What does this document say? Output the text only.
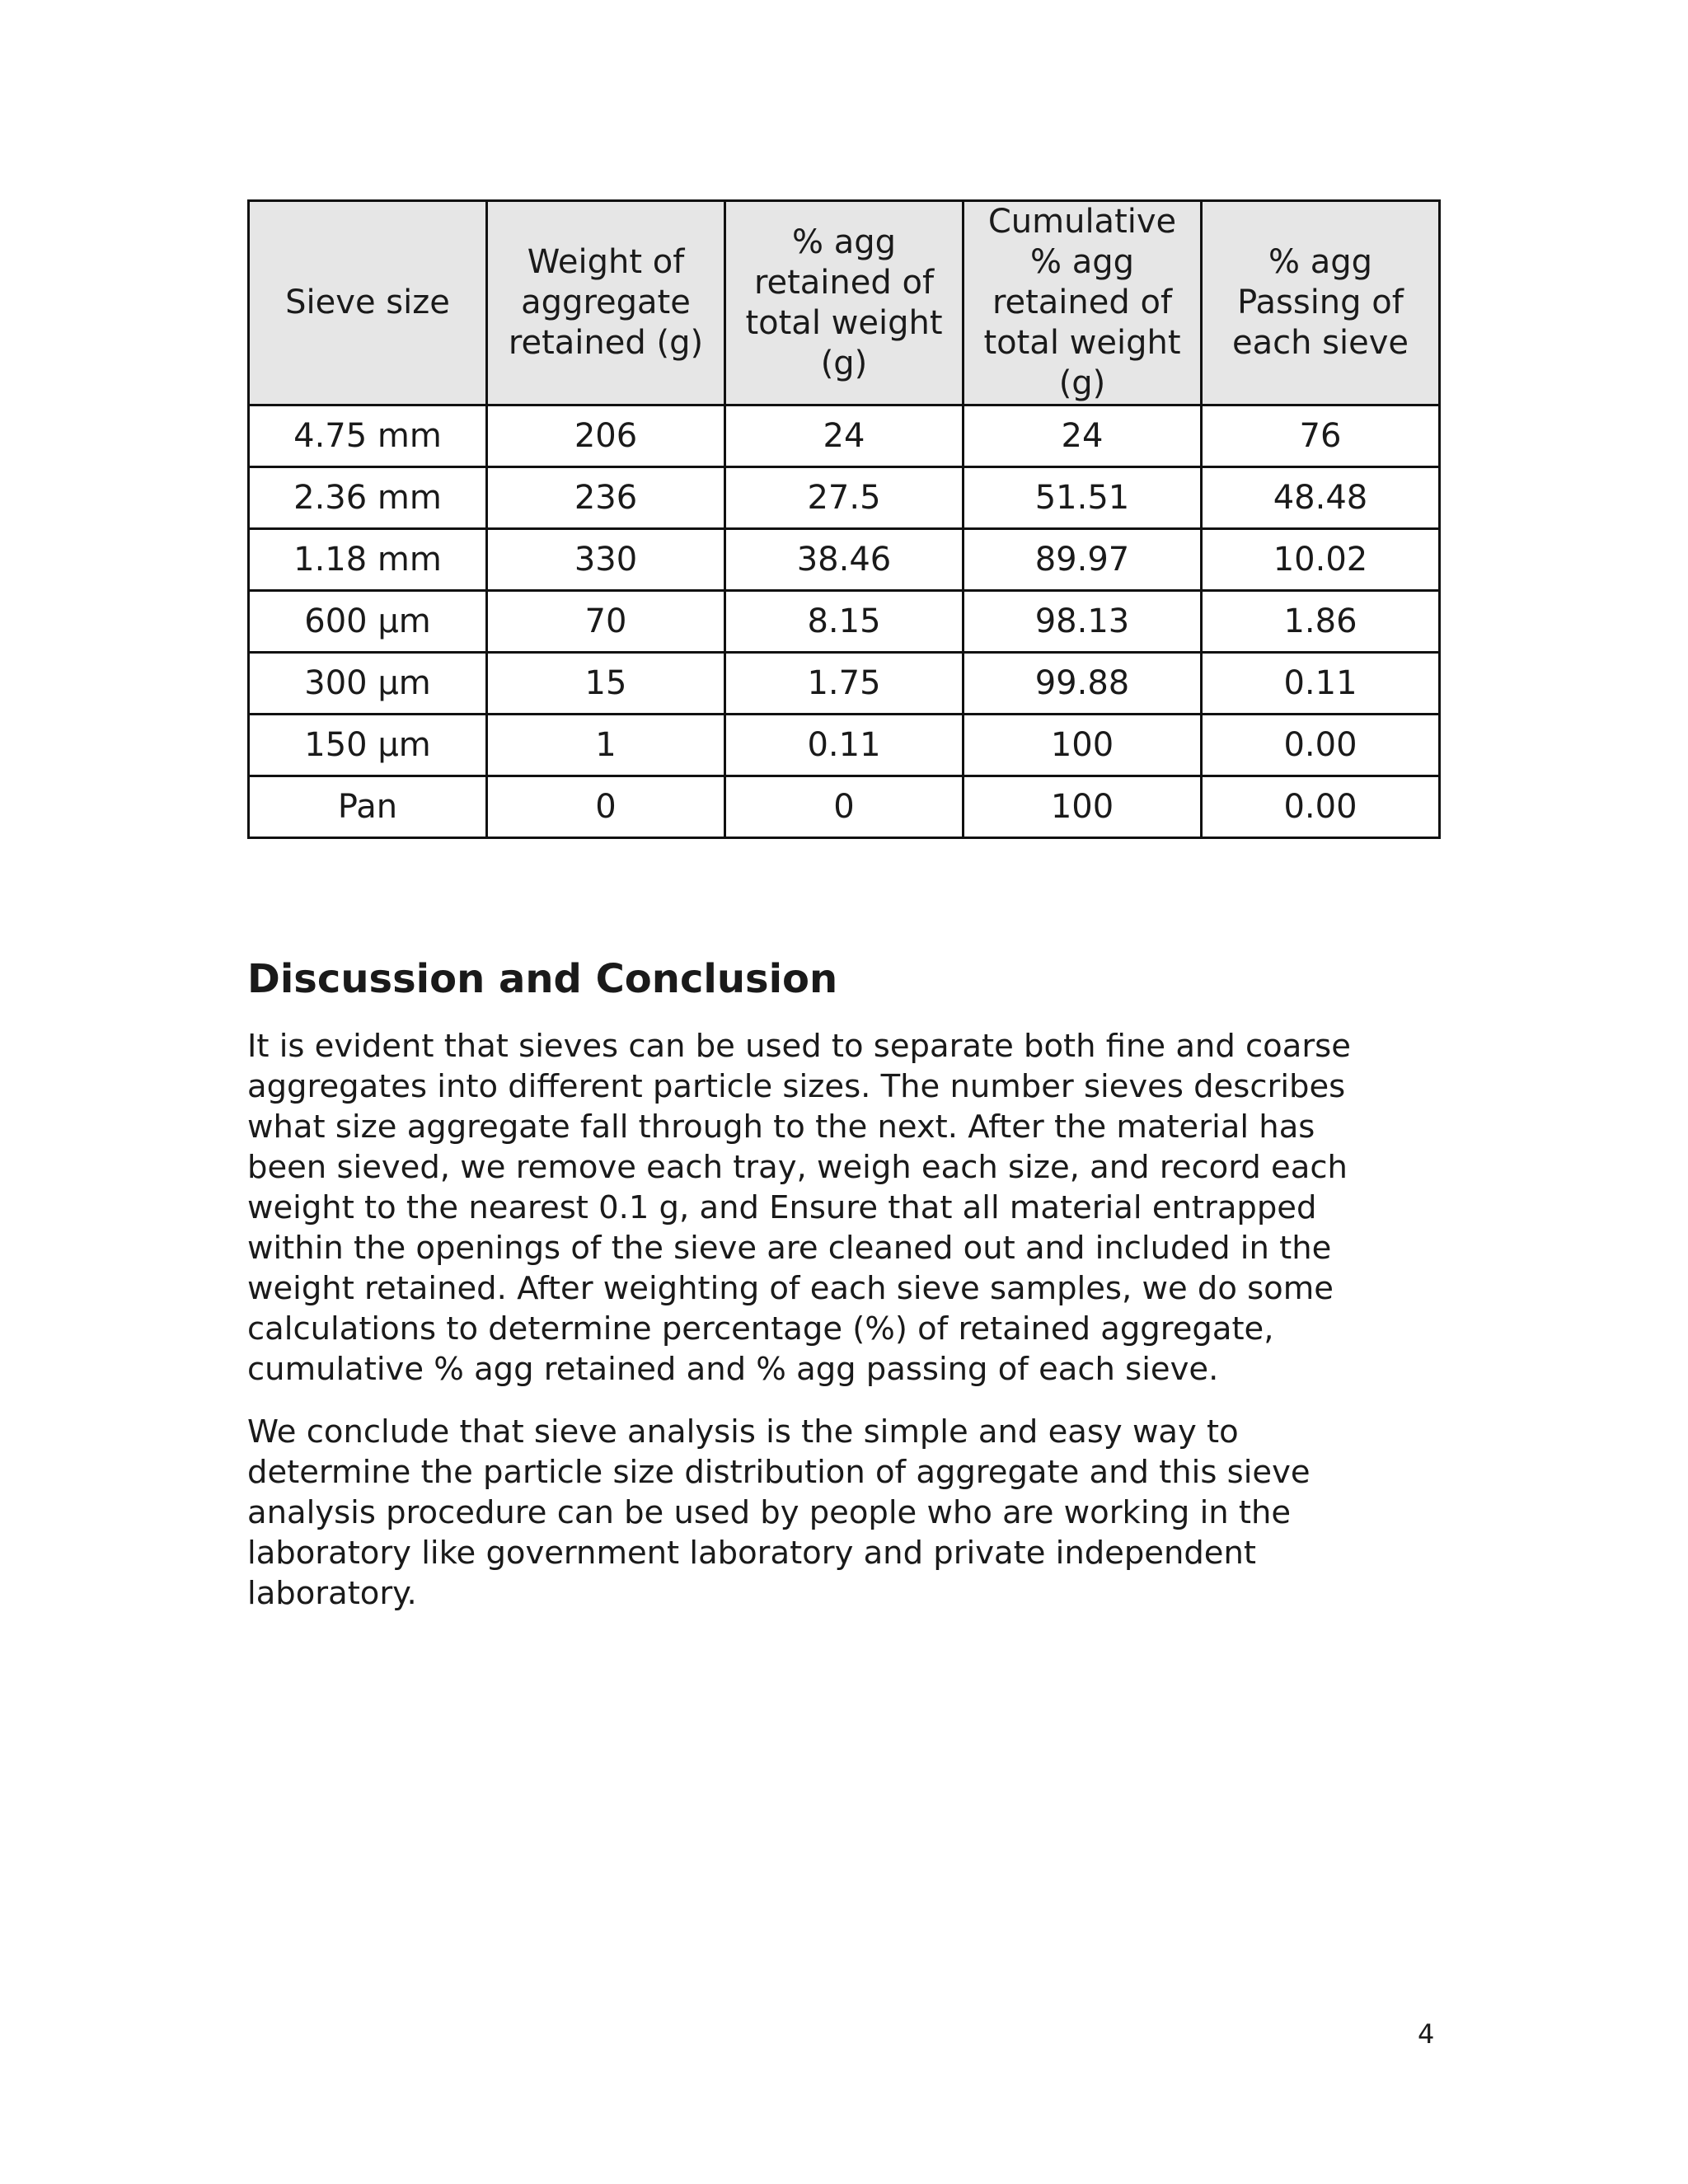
Sieve size	Weight of aggregate retained (g)	% agg retained of total weight (g)	Cumulative % agg retained of total weight (g)	% agg Passing of each sieve
4.75 mm	206	24	24	76
2.36 mm	236	27.5	51.51	48.48
1.18 mm	330	38.46	89.97	10.02
600 µm	70	8.15	98.13	1.86
300 µm	15	1.75	99.88	0.11
150 µm	1	0.11	100	0.00
Pan	0	0	100	0.00
Discussion and Conclusion

It is evident that sieves can be used to separate both fine and coarse
aggregates into different particle sizes. The number sieves describes
what size aggregate fall through to the next. After the material has
been sieved, we remove each tray, weigh each size, and record each
weight to the nearest 0.1 g, and Ensure that all material entrapped
within the openings of the sieve are cleaned out and included in the
weight retained. After weighting of each sieve samples, we do some
calculations to determine percentage (%) of retained aggregate,
cumulative % agg retained and % agg passing of each sieve.

We conclude that sieve analysis is the simple and easy way to
determine the particle size distribution of aggregate and this sieve
analysis procedure can be used by people who are working in the
laboratory like government laboratory and private independent
laboratory.

4
